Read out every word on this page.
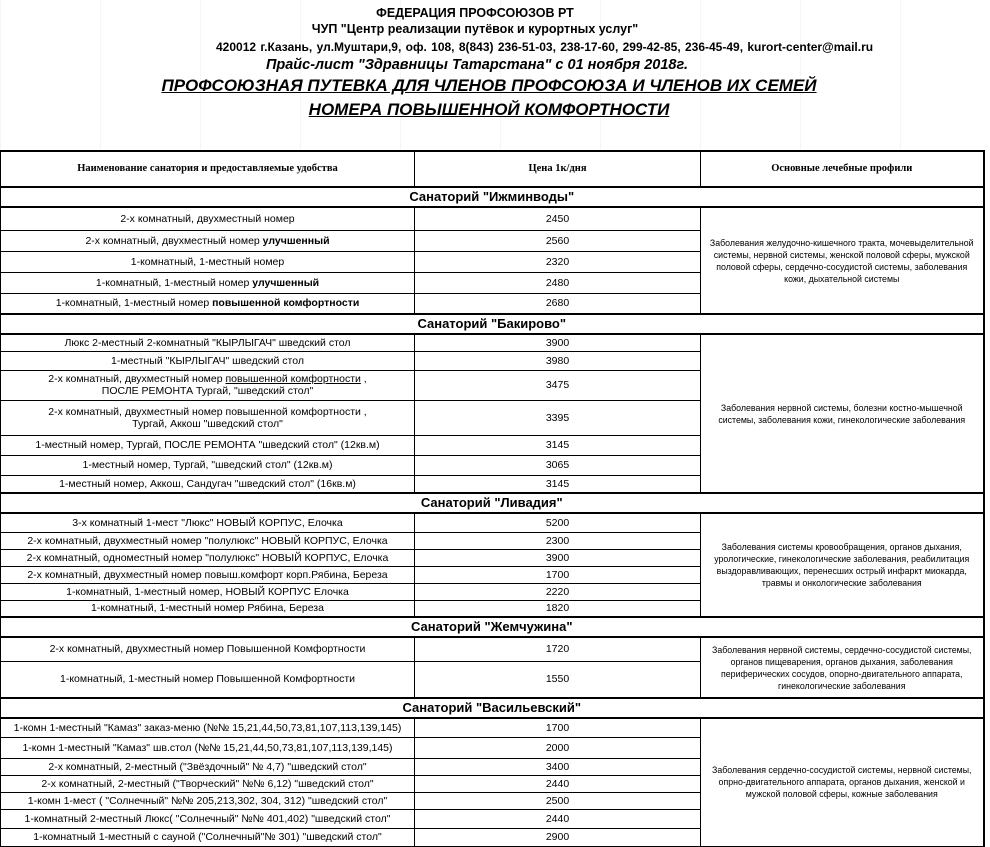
ФЕДЕРАЦИЯ ПРОФСОЮЗОВ РТ
ЧУП "Центр реализации путёвок и курортных услуг"
420012 г.Казань, ул.Муштари,9, оф. 108, 8(843) 236-51-03, 238-17-60, 299-42-85, 236-45-49, kurort-center@mail.ru
Прайс-лист "Здравницы Татарстана" с 01 ноября 2018г.
ПРОФСОЮЗНАЯ ПУТЕВКА ДЛЯ ЧЛЕНОВ ПРОФСОЮЗА И ЧЛЕНОВ ИХ СЕМЕЙ
НОМЕРА ПОВЫШЕННОЙ КОМФОРТНОСТИ
Наименование санатория и предоставляемые удобства	Цена 1к/дня	Основные лечебные профили
Санаторий "Ижминводы"		
2-х комнатный, двухместный номер	2450	Заболевания желудочно-кишечного тракта, мочевыделительной системы, нервной системы, женской половой сферы, мужской половой сферы, сердечно-сосудистой системы, заболевания кожи, дыхательной системы
2-х комнатный, двухместный номер улучшенный	2560	
1-комнатный, 1-местный номер	2320	
1-комнатный, 1-местный номер улучшенный	2480	
1-комнатный, 1-местный номер повышенной комфортности	2680	
Санаторий "Бакирово"		
Люкс 2-местный 2-комнатный "КЫРЛЫГАЧ" шведский стол	3900	Заболевания нервной системы, болезни костно-мышечной системы, заболевания кожи, гинекологические заболевания
1-местный "КЫРЛЫГАЧ" шведский стол	3980	
2-х комнатный, двухместный номер повышенной комфортности ,
ПОСЛЕ РЕМОНТА Тургай, "шведский стол"	3475	
2-х комнатный, двухместный номер повышенной комфортности ,
Тургай, Аккош "шведский стол"	3395	
1-местный номер, Тургай, ПОСЛЕ РЕМОНТА "шведский стол" (12кв.м)	3145	
1-местный номер, Тургай, "шведский стол" (12кв.м)	3065	
1-местный номер, Аккош, Сандугач "шведский стол" (16кв.м)	3145	
Санаторий "Ливадия"		
3-х комнатный 1-мест "Люкс" НОВЫЙ КОРПУС, Елочка	5200	Заболевания системы кровообращения, органов дыхания, урологические, гинекологические заболевания, реабилитация выздоравливающих, перенесших острый инфаркт миокарда, травмы и онкологические заболевания
2-х комнатный, двухместный номер "полулюкс" НОВЫЙ КОРПУС, Елочка	2300	
2-х комнатный, одноместный номер "полулюкс" НОВЫЙ КОРПУС, Елочка	3900	
2-х комнатный, двухместный номер повыш.комфорт корп.Рябина, Береза	1700	
1-комнатный, 1-местный номер, НОВЫЙ КОРПУС Елочка	2220	
1-комнатный, 1-местный номер Рябина, Береза	1820	
Санаторий "Жемчужина"		
2-х комнатный, двухместный номер Повышенной Комфортности	1720	Заболевания нервной системы, сердечно-сосудистой системы, органов пищеварения, органов дыхания, заболевания периферических сосудов, опорно-двигательного аппарата, гинекологические заболевания
1-комнатный, 1-местный номер Повышенной Комфортности	1550	
Санаторий "Васильевский"		
1-комн 1-местный "Камаз" заказ-меню (№№ 15,21,44,50,73,81,107,113,139,145)	1700	Заболевания сердечно-сосудистой системы, нервной системы, опрно-двигательного аппарата, органов дыхания, женской и мужской половой сферы, кожные заболевания
1-комн 1-местный "Камаз" шв.стол (№№ 15,21,44,50,73,81,107,113,139,145)	2000	
2-х комнатный, 2-местный ("Звёздочный" № 4,7) "шведский стол"	3400	
2-х комнатный, 2-местный ("Творческий" №№ 6,12) "шведский стол"	2440	
1-комн 1-мест ( "Солнечный" №№ 205,213,302, 304, 312) "шведский стол"	2500	
1-комнатный 2-местный Люкс( "Солнечный" №№ 401,402) "шведский стол"	2440	
1-комнатный 1-местный с сауной ("Солнечный"№ 301) "шведский стол"	2900	
